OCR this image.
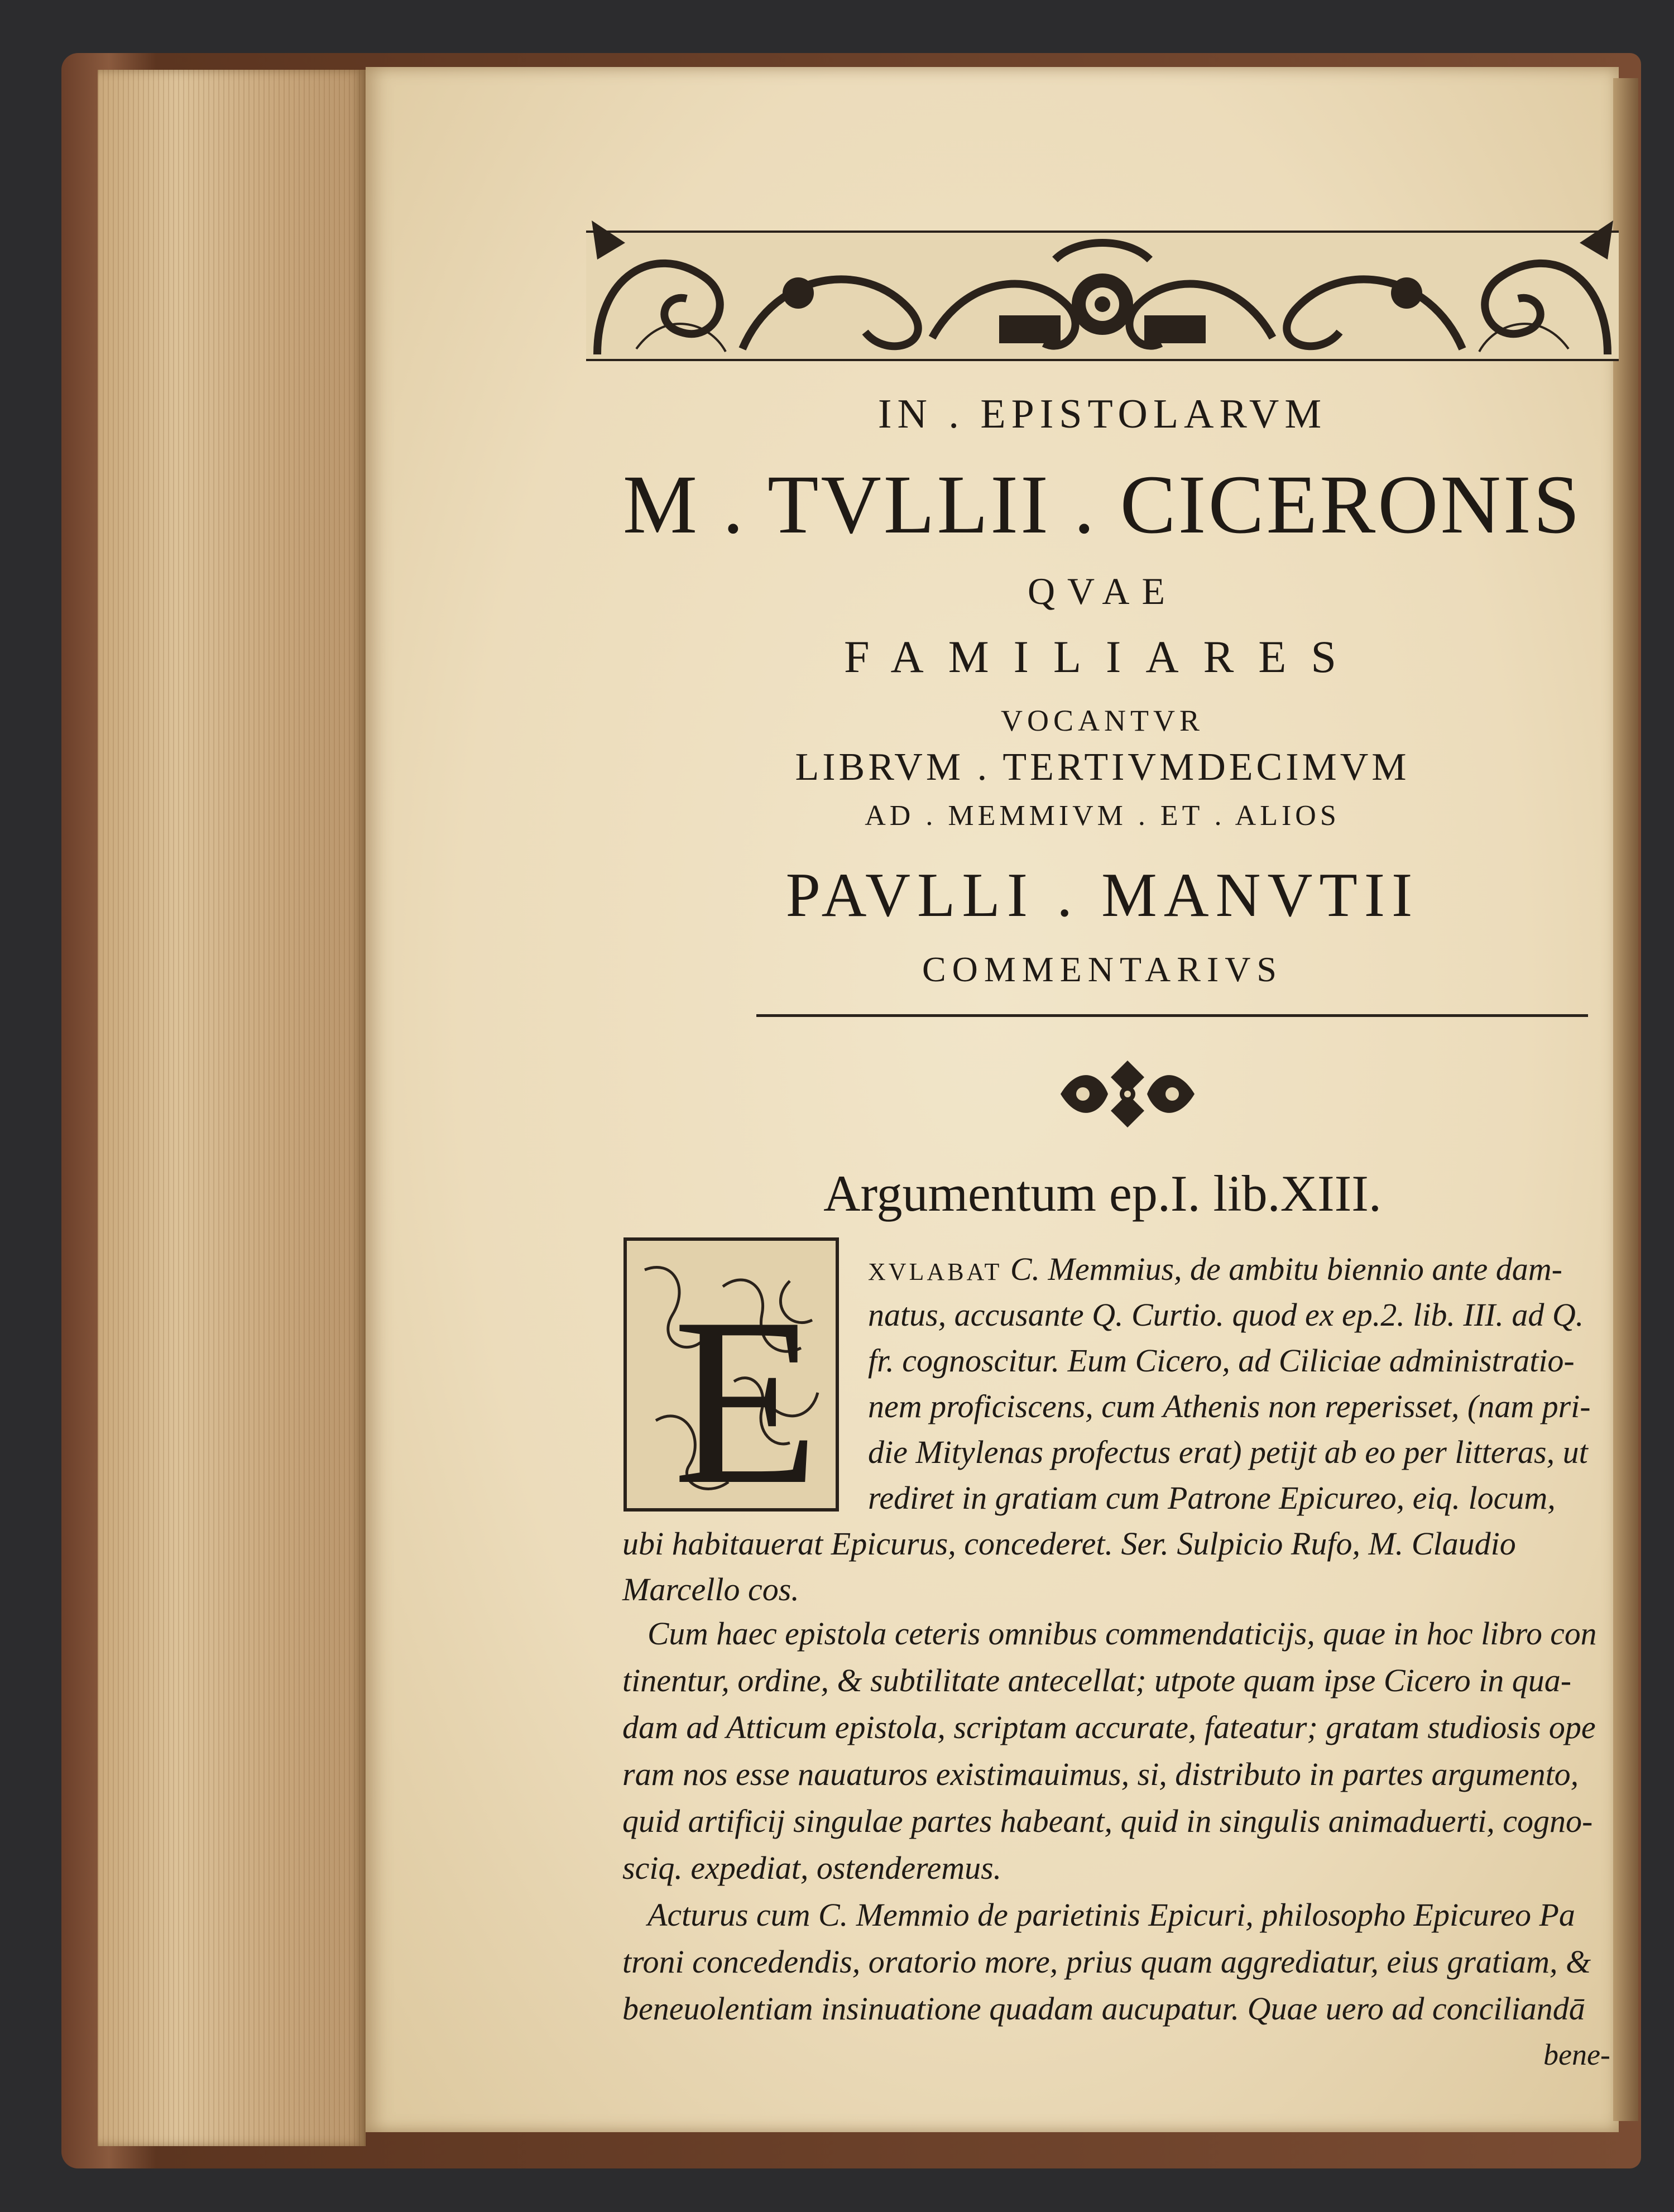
IN . EPISTOLARVM
M . TVLLII . CICERONIS
QVAE
FAMILIARES
VOCANTVR
LIBRVM . TERTIVMDECIMVM
AD . MEMMIVM . ET . ALIOS
PAVLLI . MANVTII
COMMENTARIVS
Argumentum ep.I. lib.XIII.
E XVLABAT C. Memmius, de ambitu biennio ante dam-
natus, accusante Q. Curtio. quod ex ep.2. lib. III. ad Q.
fr. cognoscitur. Eum Cicero, ad Ciliciae administratio-
nem proficiscens, cum Athenis non reperisset, (nam pri-
die Mitylenas profectus erat) petijt ab eo per litteras, ut
rediret in gratiam cum Patrone Epicureo, eiq. locum,
ubi habitauerat Epicurus, concederet. Ser. Sulpicio Rufo, M. Claudio
Marcello cos.
Cum haec epistola ceteris omnibus commendaticijs, quae in hoc libro con
tinentur, ordine, & subtilitate antecellat; utpote quam ipse Cicero in qua-
dam ad Atticum epistola, scriptam accurate, fateatur; gratam studiosis ope
ram nos esse nauaturos existimauimus, si, distributo in partes argumento,
quid artificij singulae partes habeant, quid in singulis animaduerti, cogno-
sciq. expediat, ostenderemus.
Acturus cum C. Memmio de parietinis Epicuri, philosopho Epicureo Pa
troni concedendis, oratorio more, prius quam aggrediatur, eius gratiam, &
beneuolentiam insinuatione quadam aucupatur. Quae uero ad conciliandā
bene-
